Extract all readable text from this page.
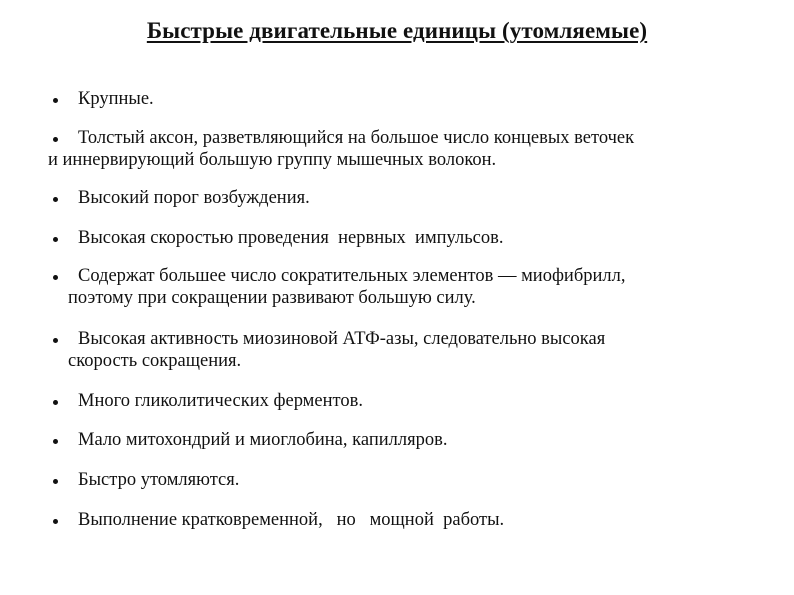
Быстрые двигательные единицы (утомляемые)
Крупные.
Толстый аксон, разветвляющийся на большое число концевых веточек
и иннервирующий большую группу мышечных волокон.
Высокий порог возбуждения.
Высокая скоростью проведения  нервных  импульсов.
Содержат большее число сократительных элементов — миофибрилл,
поэтому при сокращении развивают большую силу.
Высокая активность миозиновой АТФ-азы, следовательно высокая
скорость сокращения.
Много гликолитических ферментов.
Мало митохондрий и миоглобина, капилляров.
Быстро утомляются.
Выполнение кратковременной,   но   мощной  работы.
